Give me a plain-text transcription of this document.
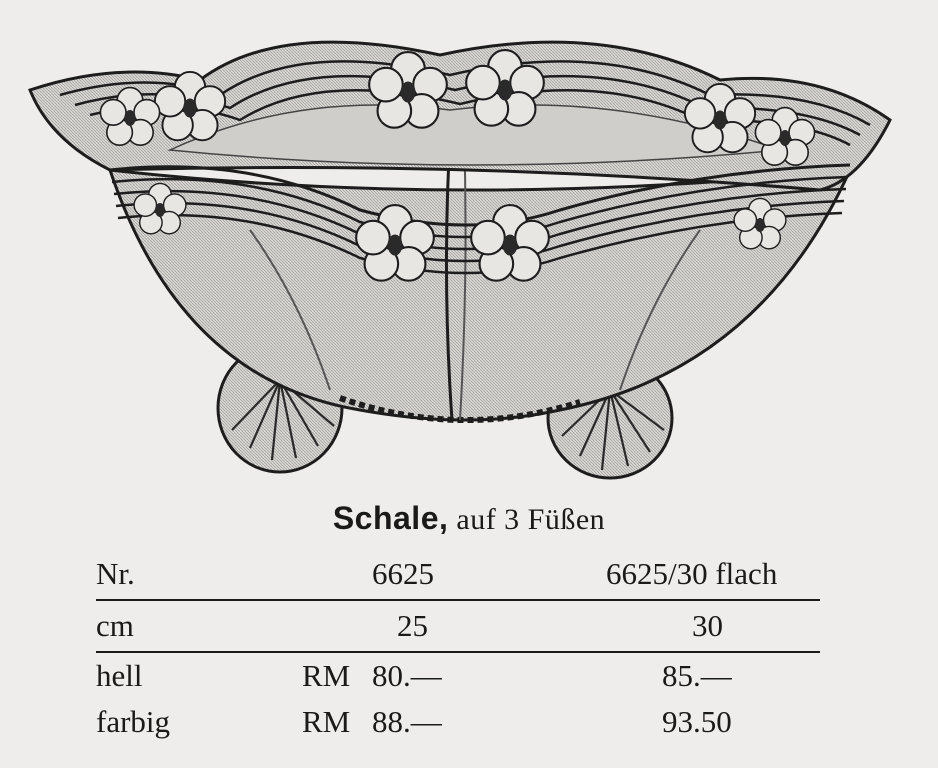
Schale, auf 3 Füßen
Nr.	6625	6625/30 flach
cm	25	30
hell	RM 80.—	85.—
farbig	RM 88.—	93.50
